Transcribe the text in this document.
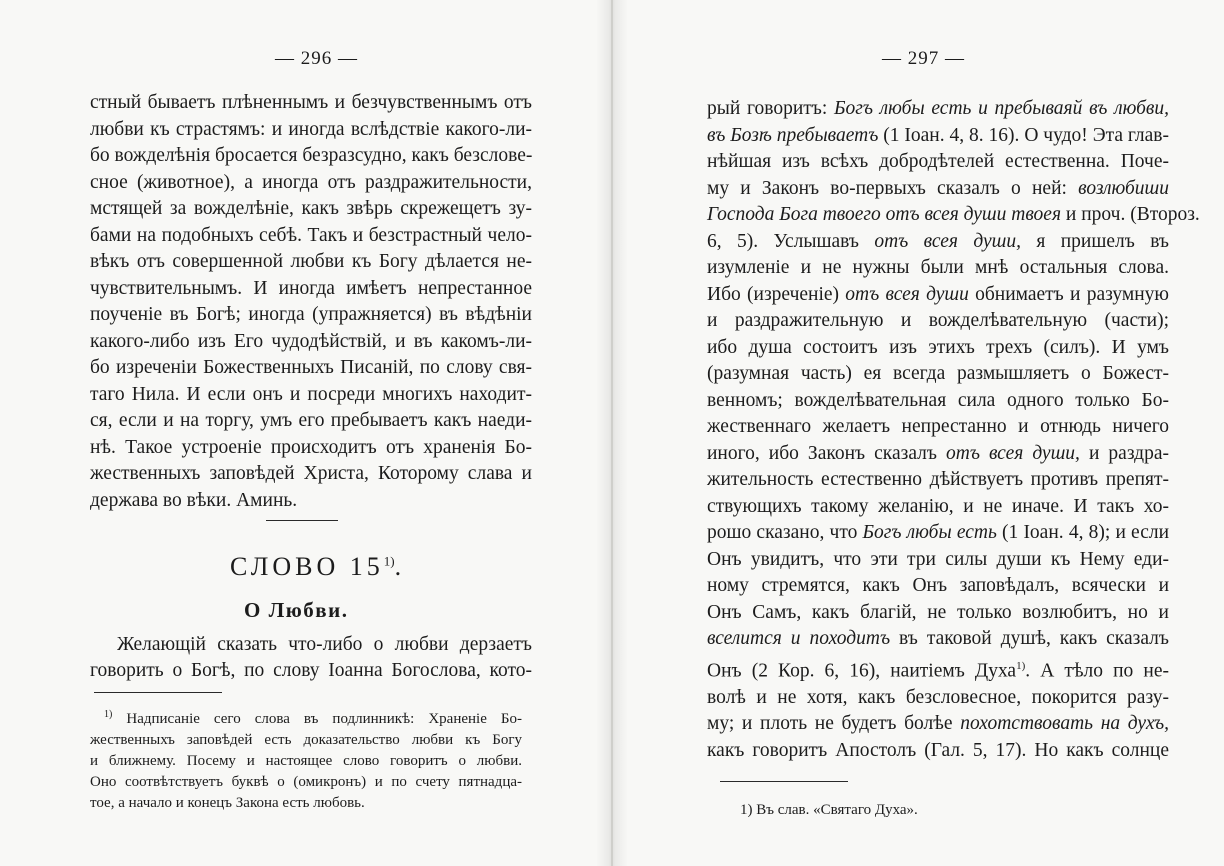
— 296 —
стный бываетъ плѣненнымъ и безчувственнымъ отъ
любви къ страстямъ: и иногда вслѣдствіе какого-ли-
бо вожделѣнія бросается безразсудно, какъ безслове-
сное (животное), а иногда отъ раздражительности,
мстящей за вожделѣніе, какъ звѣрь скрежещетъ зу-
бами на подобныхъ себѣ. Такъ и безстрастный чело-
вѣкъ отъ совершенной любви къ Богу дѣлается не-
чувствительнымъ. И иногда имѣетъ непрестанное
поученіе въ Богѣ; иногда (упражняется) въ вѣдѣніи
какого-либо изъ Его чудодѣйствій, и въ какомъ-ли-
бо изреченіи Божественныхъ Писаній, по слову свя-
таго Нила. И если онъ и посреди многихъ находит-
ся, если и на торгу, умъ его пребываетъ какъ наеди-
нѣ. Такое устроеніе происходитъ отъ храненія Бо-
жественныхъ заповѣдей Христа, Которому слава и
держава во вѣки. Аминь.
СЛОВО 15$^{1)}$.
О Любви.
Желающій сказать что-либо о любви дерзаетъ
говорить о Богѣ, по слову Іоанна Богослова, кото-
$^{1)}$ Надписаніе сего слова въ подлинникѣ: Храненіе Бо-
жественныхъ заповѣдей есть доказательство любви къ Богу
и ближнему. Посему и настоящее слово говоритъ о любви.
Оно соотвѣтствуетъ буквѣ о (омикронъ) и по счету пятнадца-
тое, а начало и конецъ Закона есть любовь.
— 297 —
рый говоритъ: Богъ любы есть и пребываяй въ любви,
въ Бозѣ пребываетъ (1 Іоан. 4, 8. 16). О чудо! Эта глав-
нѣйшая изъ всѣхъ добродѣтелей естественна. Поче-
му и Законъ во-первыхъ сказалъ о ней: возлюбиши
Господа Бога твоего отъ всея души твоея и проч. (Второз.
6, 5). Услышавъ отъ всея души, я пришелъ въ
изумленіе и не нужны были мнѣ остальныя слова.
Ибо (изреченіе) отъ всея души обнимаетъ и разумную
и раздражительную и вожделѣвательную (части);
ибо душа состоитъ изъ этихъ трехъ (силъ). И умъ
(разумная часть) ея всегда размышляетъ о Божест-
венномъ; вожделѣвательная сила одного только Бо-
жественнаго желаетъ непрестанно и отнюдь ничего
иного, ибо Законъ сказалъ отъ всея души, и раздра-
жительность естественно дѣйствуетъ противъ препят-
ствующихъ такому желанію, и не иначе. И такъ хо-
рошо сказано, что Богъ любы есть (1 Іоан. 4, 8); и если
Онъ увидитъ, что эти три силы души къ Нему еди-
ному стремятся, какъ Онъ заповѣдалъ, всячески и
Онъ Самъ, какъ благій, не только возлюбитъ, но и
вселится и походитъ въ таковой душѣ, какъ сказалъ
Онъ (2 Кор. 6, 16), наитіемъ Духа$^{1)}$. А тѣло по не-
волѣ и не хотя, какъ безсловесное, покорится разу-
му; и плоть не будетъ болѣе похотствовать на духъ,
какъ говоритъ Апостолъ (Гал. 5, 17). Но какъ солнце
1) Въ слав. «Святаго Духа».
